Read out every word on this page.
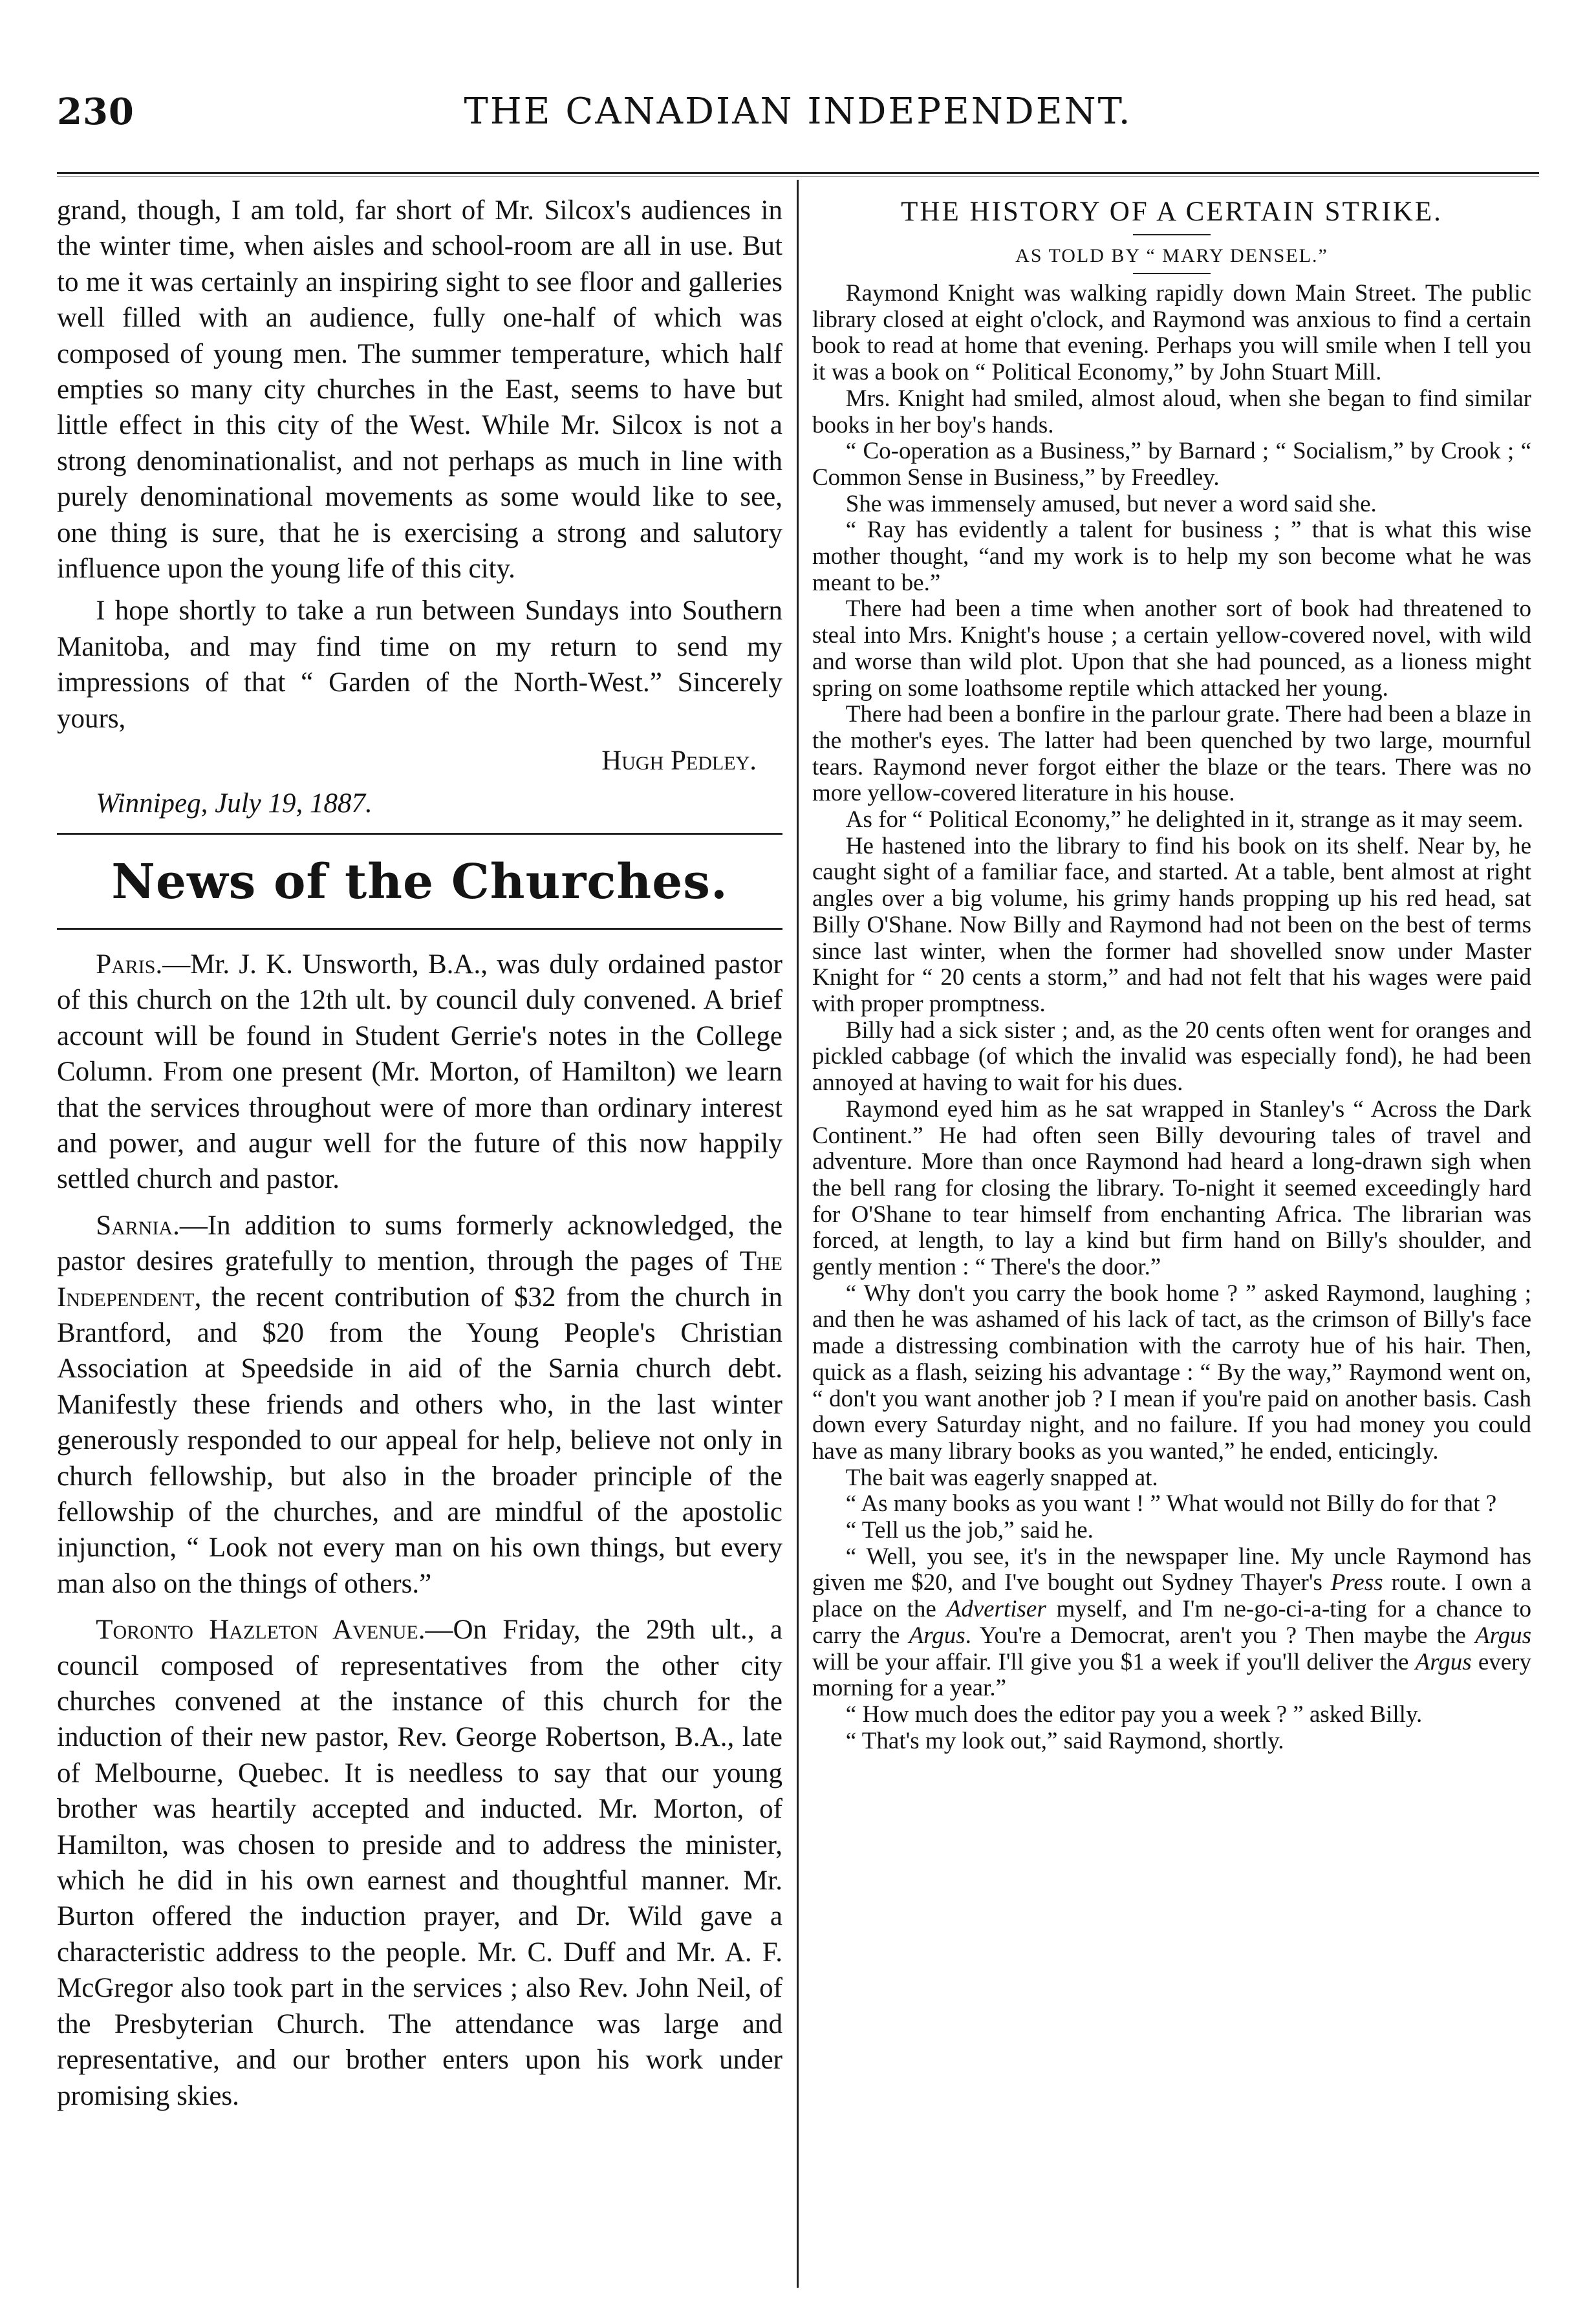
230	THE CANADIAN INDEPENDENT.

grand, though, I am told, far short of Mr. Silcox's audiences in the winter time, when aisles and school-room are all in use. But to me it was certainly an inspiring sight to see floor and galleries well filled with an audience, fully one-half of which was composed of young men. The summer temperature, which half empties so many city churches in the East, seems to have but little effect in this city of the West. While Mr. Silcox is not a strong denominationalist, and not perhaps as much in line with purely denominational movements as some would like to see, one thing is sure, that he is exercising a strong and salutory influence upon the young life of this city.

I hope shortly to take a run between Sundays into Southern Manitoba, and may find time on my return to send my impressions of that “ Garden of the North-West.” Sincerely yours,

Hugh Pedley.

Winnipeg, July 19, 1887.

News of the Churches.

Paris.—Mr. J. K. Unsworth, B.A., was duly ordained pastor of this church on the 12th ult. by council duly convened. A brief account will be found in Student Gerrie's notes in the College Column. From one present (Mr. Morton, of Hamilton) we learn that the services throughout were of more than ordinary interest and power, and augur well for the future of this now happily settled church and pastor.

Sarnia.—In addition to sums formerly acknowledged, the pastor desires gratefully to mention, through the pages of The Independent, the recent contribution of $32 from the church in Brantford, and $20 from the Young People's Christian Association at Speedside in aid of the Sarnia church debt. Manifestly these friends and others who, in the last winter generously responded to our appeal for help, believe not only in church fellowship, but also in the broader principle of the fellowship of the churches, and are mindful of the apostolic injunction, “ Look not every man on his own things, but every man also on the things of others.”

Toronto Hazleton Avenue.—On Friday, the 29th ult., a council composed of representatives from the other city churches convened at the instance of this church for the induction of their new pastor, Rev. George Robertson, B.A., late of Melbourne, Quebec. It is needless to say that our young brother was heartily accepted and inducted. Mr. Morton, of Hamilton, was chosen to preside and to address the minister, which he did in his own earnest and thoughtful manner. Mr. Burton offered the induction prayer, and Dr. Wild gave a characteristic address to the people. Mr. C. Duff and Mr. A. F. McGregor also took part in the services ; also Rev. John Neil, of the Presbyterian Church. The attendance was large and representative, and our brother enters upon his work under promising skies.

THE HISTORY OF A CERTAIN STRIKE.
AS TOLD BY “ MARY DENSEL.”

Raymond Knight was walking rapidly down Main Street. The public library closed at eight o'clock, and Raymond was anxious to find a certain book to read at home that evening. Perhaps you will smile when I tell you it was a book on “ Political Economy,” by John Stuart Mill.

Mrs. Knight had smiled, almost aloud, when she began to find similar books in her boy's hands.

“ Co-operation as a Business,” by Barnard ; “ Socialism,” by Crook ; “ Common Sense in Business,” by Freedley.

She was immensely amused, but never a word said she.

“ Ray has evidently a talent for business ; ” that is what this wise mother thought, “and my work is to help my son become what he was meant to be.”

There had been a time when another sort of book had threatened to steal into Mrs. Knight's house ; a certain yellow-covered novel, with wild and worse than wild plot. Upon that she had pounced, as a lioness might spring on some loathsome reptile which attacked her young.

There had been a bonfire in the parlour grate. There had been a blaze in the mother's eyes. The latter had been quenched by two large, mournful tears. Raymond never forgot either the blaze or the tears. There was no more yellow-covered literature in his house.

As for “ Political Economy,” he delighted in it, strange as it may seem.

He hastened into the library to find his book on its shelf. Near by, he caught sight of a familiar face, and started. At a table, bent almost at right angles over a big volume, his grimy hands propping up his red head, sat Billy O'Shane. Now Billy and Raymond had not been on the best of terms since last winter, when the former had shovelled snow under Master Knight for “ 20 cents a storm,” and had not felt that his wages were paid with proper promptness.

Billy had a sick sister ; and, as the 20 cents often went for oranges and pickled cabbage (of which the invalid was especially fond), he had been annoyed at having to wait for his dues.

Raymond eyed him as he sat wrapped in Stanley's “ Across the Dark Continent.” He had often seen Billy devouring tales of travel and adventure. More than once Raymond had heard a long-drawn sigh when the bell rang for closing the library. To-night it seemed exceedingly hard for O'Shane to tear himself from enchanting Africa. The librarian was forced, at length, to lay a kind but firm hand on Billy's shoulder, and gently mention : “ There's the door.”

“ Why don't you carry the book home ? ” asked Raymond, laughing ; and then he was ashamed of his lack of tact, as the crimson of Billy's face made a distressing combination with the carroty hue of his hair. Then, quick as a flash, seizing his advantage : “ By the way,” Raymond went on, “ don't you want another job ? I mean if you're paid on another basis. Cash down every Saturday night, and no failure. If you had money you could have as many library books as you wanted,” he ended, enticingly.

The bait was eagerly snapped at.

“ As many books as you want ! ” What would not Billy do for that ?

“ Tell us the job,” said he.

“ Well, you see, it's in the newspaper line. My uncle Raymond has given me $20, and I've bought out Sydney Thayer's Press route. I own a place on the Advertiser myself, and I'm ne-go-ci-a-ting for a chance to carry the Argus. You're a Democrat, aren't you ? Then maybe the Argus will be your affair. I'll give you $1 a week if you'll deliver the Argus every morning for a year.”

“ How much does the editor pay you a week ? ” asked Billy.

“ That's my look out,” said Raymond, shortly.
